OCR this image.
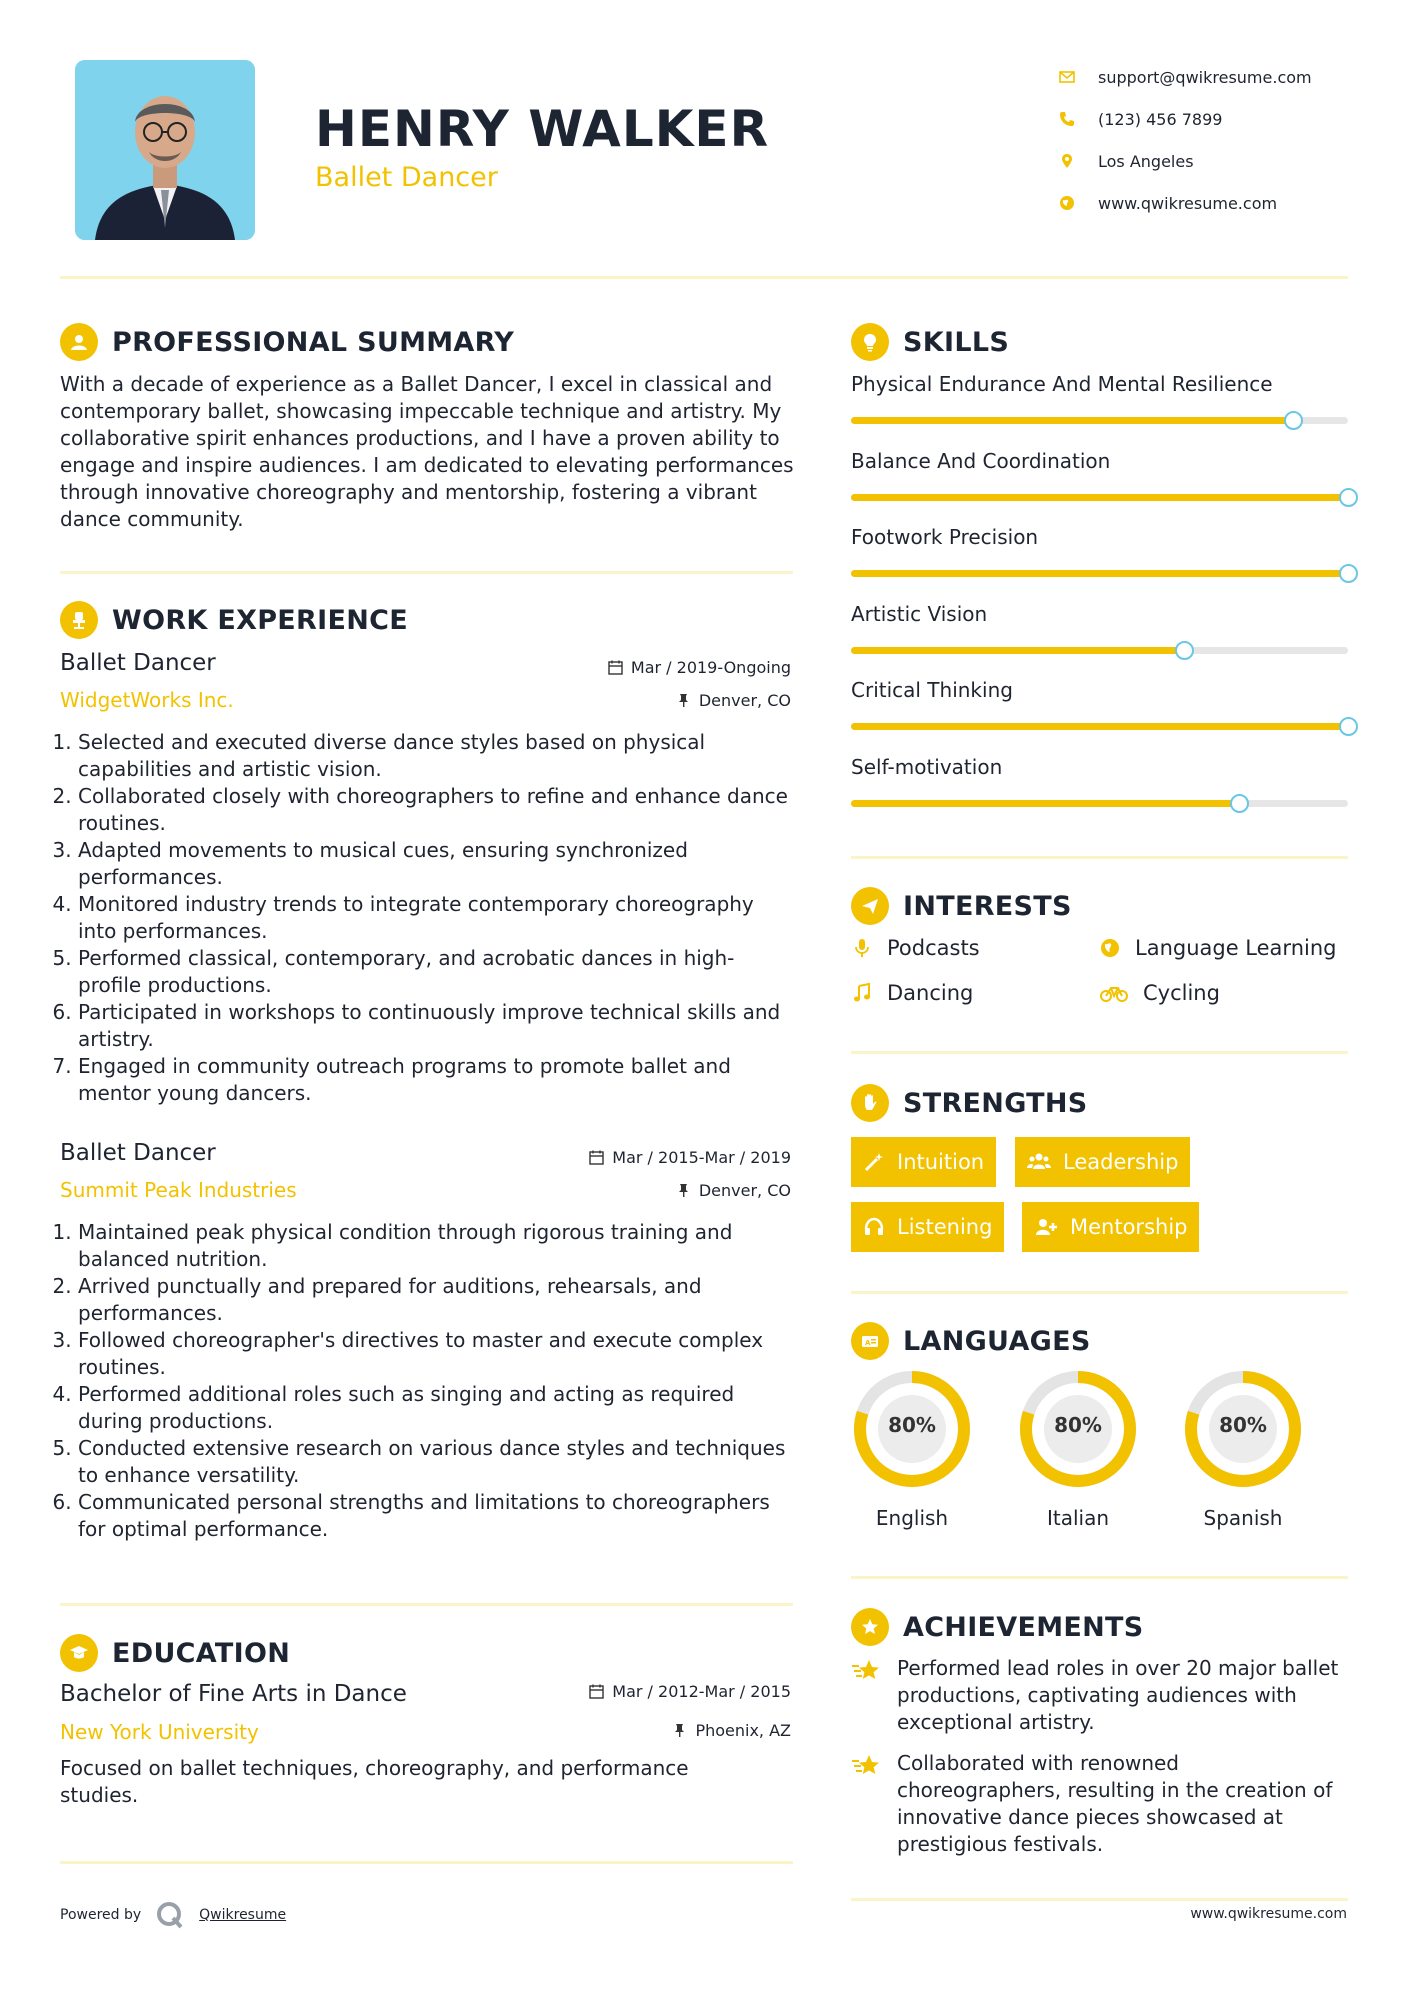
HENRY WALKER
Ballet Dancer
support@qwikresume.com
(123) 456 7899
Los Angeles
www.qwikresume.com
PROFESSIONAL SUMMARY
With a decade of experience as a Ballet Dancer, I excel in classical and contemporary ballet, showcasing impeccable technique and artistry. My collaborative spirit enhances productions, and I have a proven ability to engage and inspire audiences. I am dedicated to elevating performances through innovative choreography and mentorship, fostering a vibrant dance community.
WORK EXPERIENCE
Ballet Dancer	Mar / 2019-Ongoing
WidgetWorks Inc.	Denver, CO
1. Selected and executed diverse dance styles based on physical capabilities and artistic vision.
2. Collaborated closely with choreographers to refine and enhance dance routines.
3. Adapted movements to musical cues, ensuring synchronized performances.
4. Monitored industry trends to integrate contemporary choreography into performances.
5. Performed classical, contemporary, and acrobatic dances in high-profile productions.
6. Participated in workshops to continuously improve technical skills and artistry.
7. Engaged in community outreach programs to promote ballet and mentor young dancers.
Ballet Dancer	Mar / 2015-Mar / 2019
Summit Peak Industries	Denver, CO
1. Maintained peak physical condition through rigorous training and balanced nutrition.
2. Arrived punctually and prepared for auditions, rehearsals, and performances.
3. Followed choreographer's directives to master and execute complex routines.
4. Performed additional roles such as singing and acting as required during productions.
5. Conducted extensive research on various dance styles and techniques to enhance versatility.
6. Communicated personal strengths and limitations to choreographers for optimal performance.
EDUCATION
Bachelor of Fine Arts in Dance	Mar / 2012-Mar / 2015
New York University	Phoenix, AZ
Focused on ballet techniques, choreography, and performance studies.
SKILLS
Physical Endurance And Mental Resilience
Balance And Coordination
Footwork Precision
Artistic Vision
Critical Thinking
Self-motivation
INTERESTS
Podcasts	Language Learning
Dancing	Cycling
STRENGTHS
Intuition	Leadership
Listening	Mentorship
A LANGUAGES
80%
English
80%
Italian
80%
Spanish
ACHIEVEMENTS
Performed lead roles in over 20 major ballet productions, captivating audiences with exceptional artistry.
Collaborated with renowned choreographers, resulting in the creation of innovative dance pieces showcased at prestigious festivals.
Powered by	Qwikresume	www.qwikresume.com
